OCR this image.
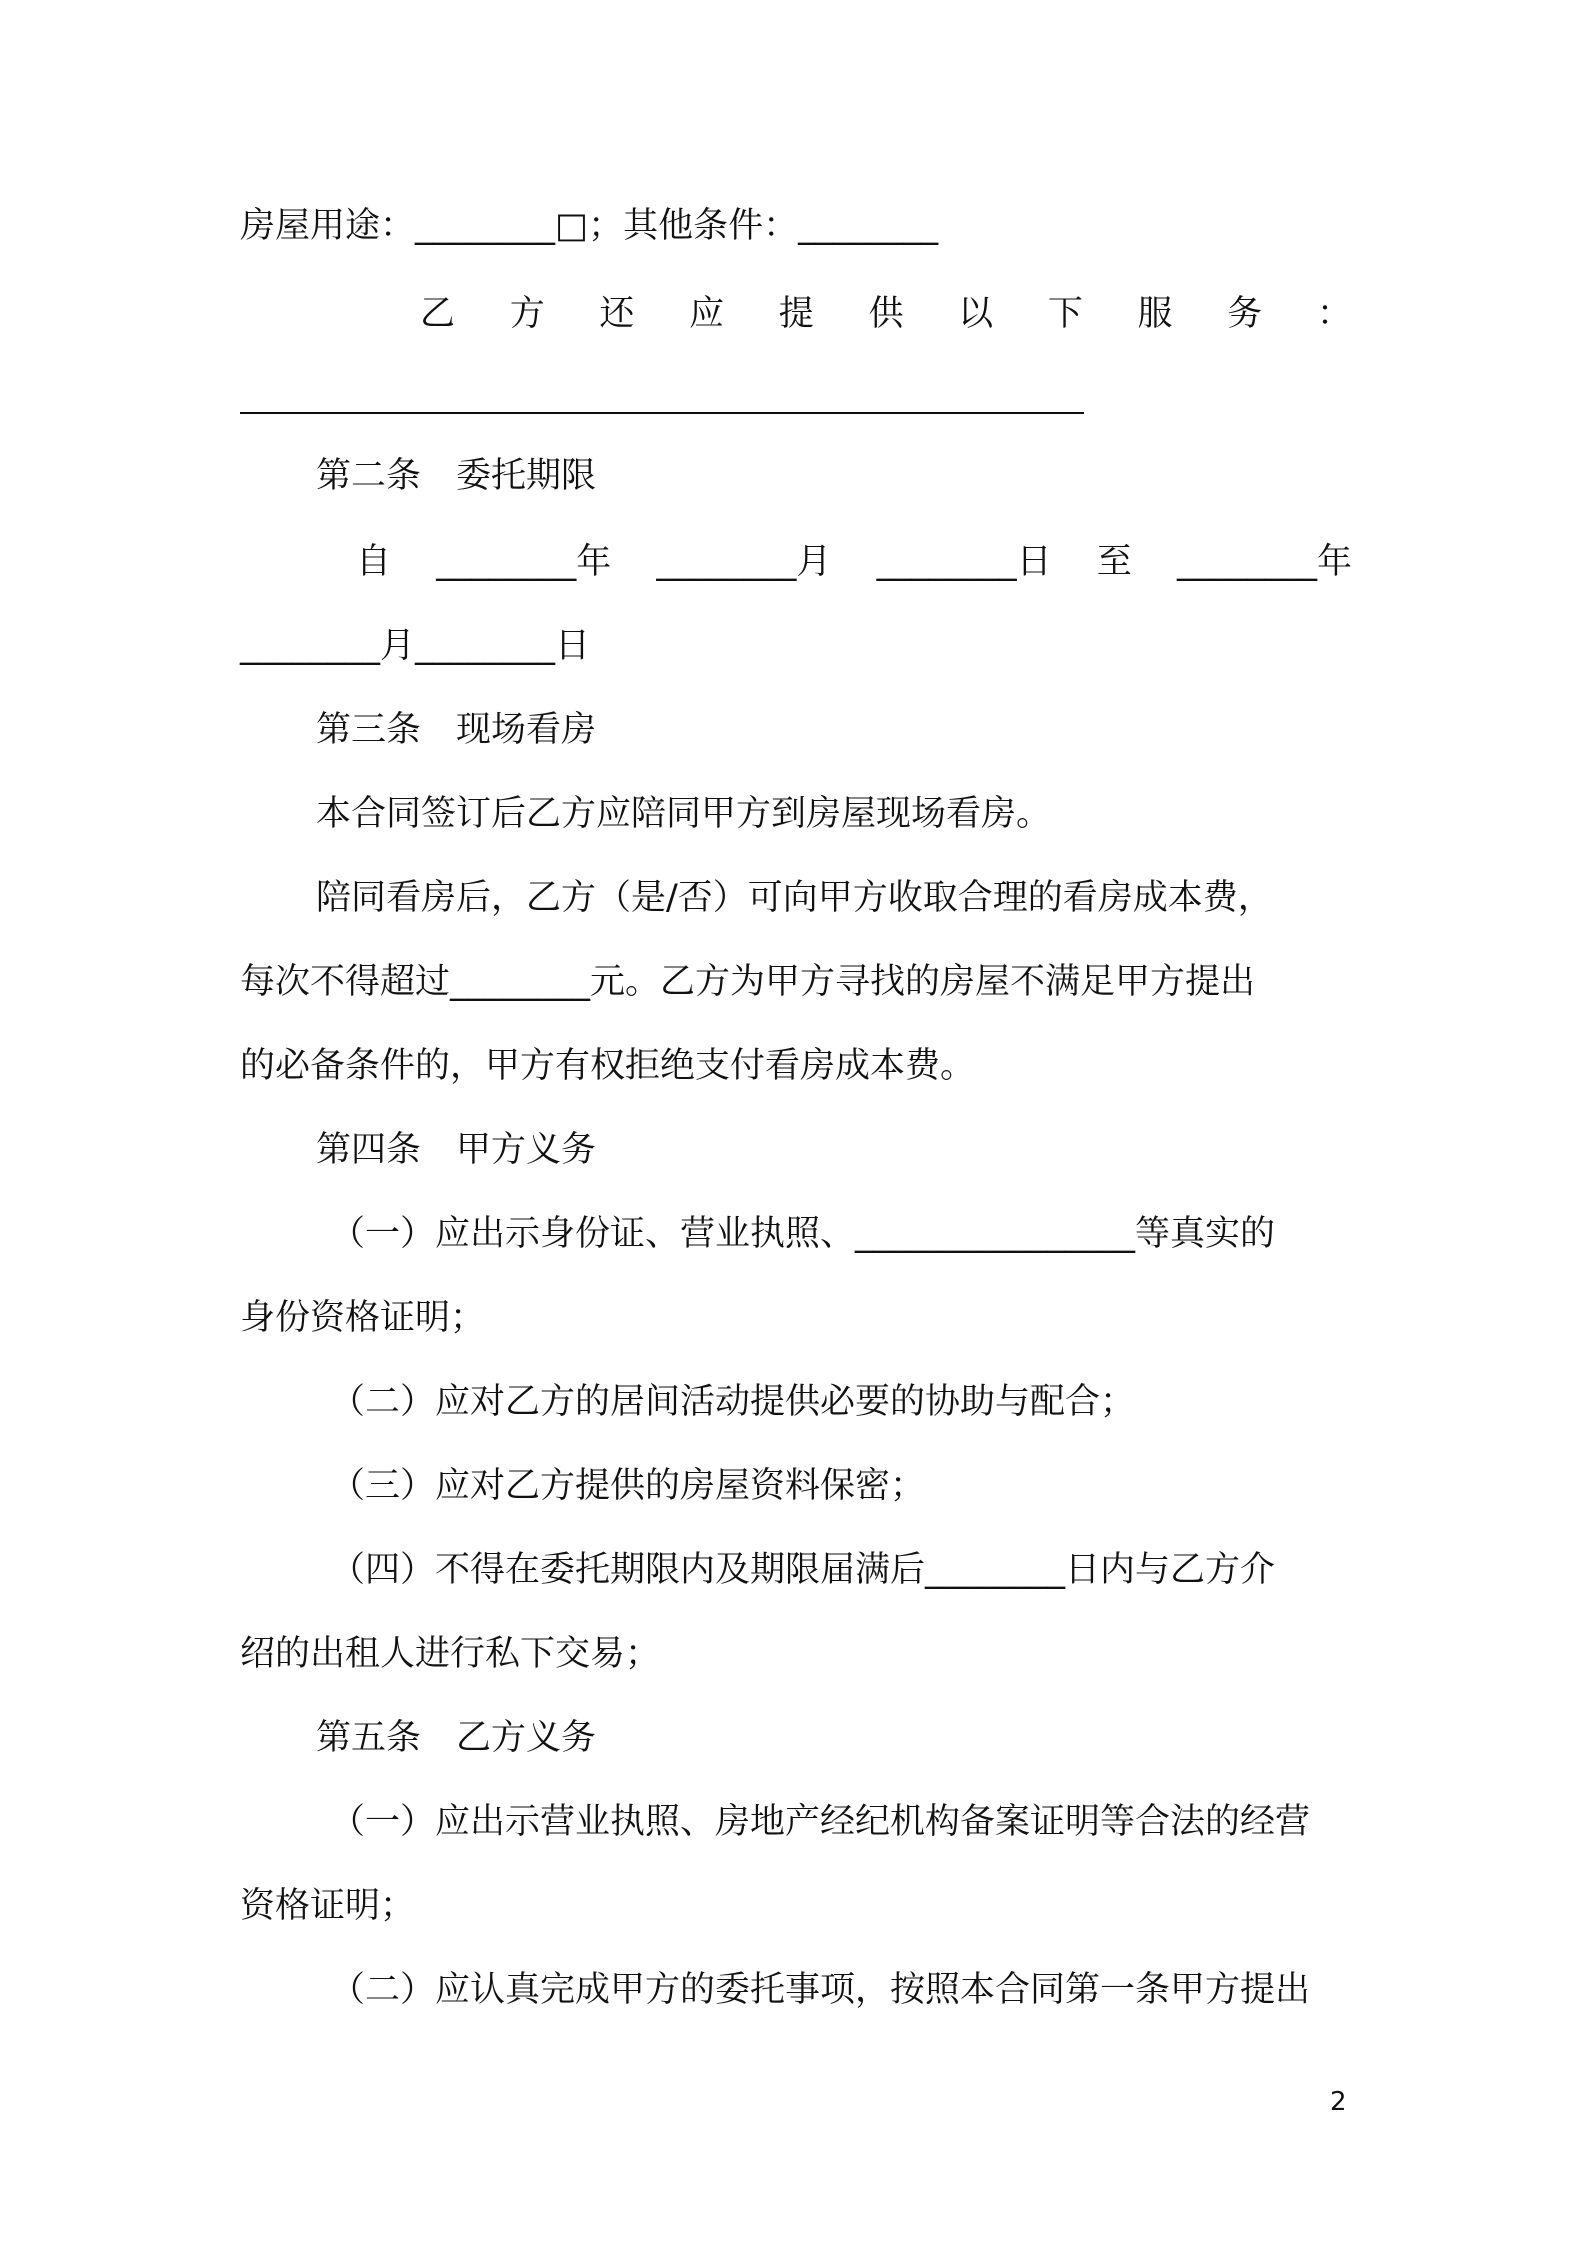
房屋用途：________□；其他条件：________
乙 方 还 应 提 供 以 下 服 务 ：
第二条　委托期限
自 ________年 ________月 ________日 至 ________年
________月________日
第三条　现场看房
本合同签订后乙方应陪同甲方到房屋现场看房。
陪同看房后，乙方（是/否）可向甲方收取合理的看房成本费，
每次不得超过________元。乙方为甲方寻找的房屋不满足甲方提出
的必备条件的，甲方有权拒绝支付看房成本费。
第四条　甲方义务
（一）应出示身份证、营业执照、________________等真实的
身份资格证明；
（二）应对乙方的居间活动提供必要的协助与配合；
（三）应对乙方提供的房屋资料保密；
（四）不得在委托期限内及期限届满后________日内与乙方介
绍的出租人进行私下交易；
第五条　乙方义务
（一）应出示营业执照、房地产经纪机构备案证明等合法的经营
资格证明；
（二）应认真完成甲方的委托事项，按照本合同第一条甲方提出
2
